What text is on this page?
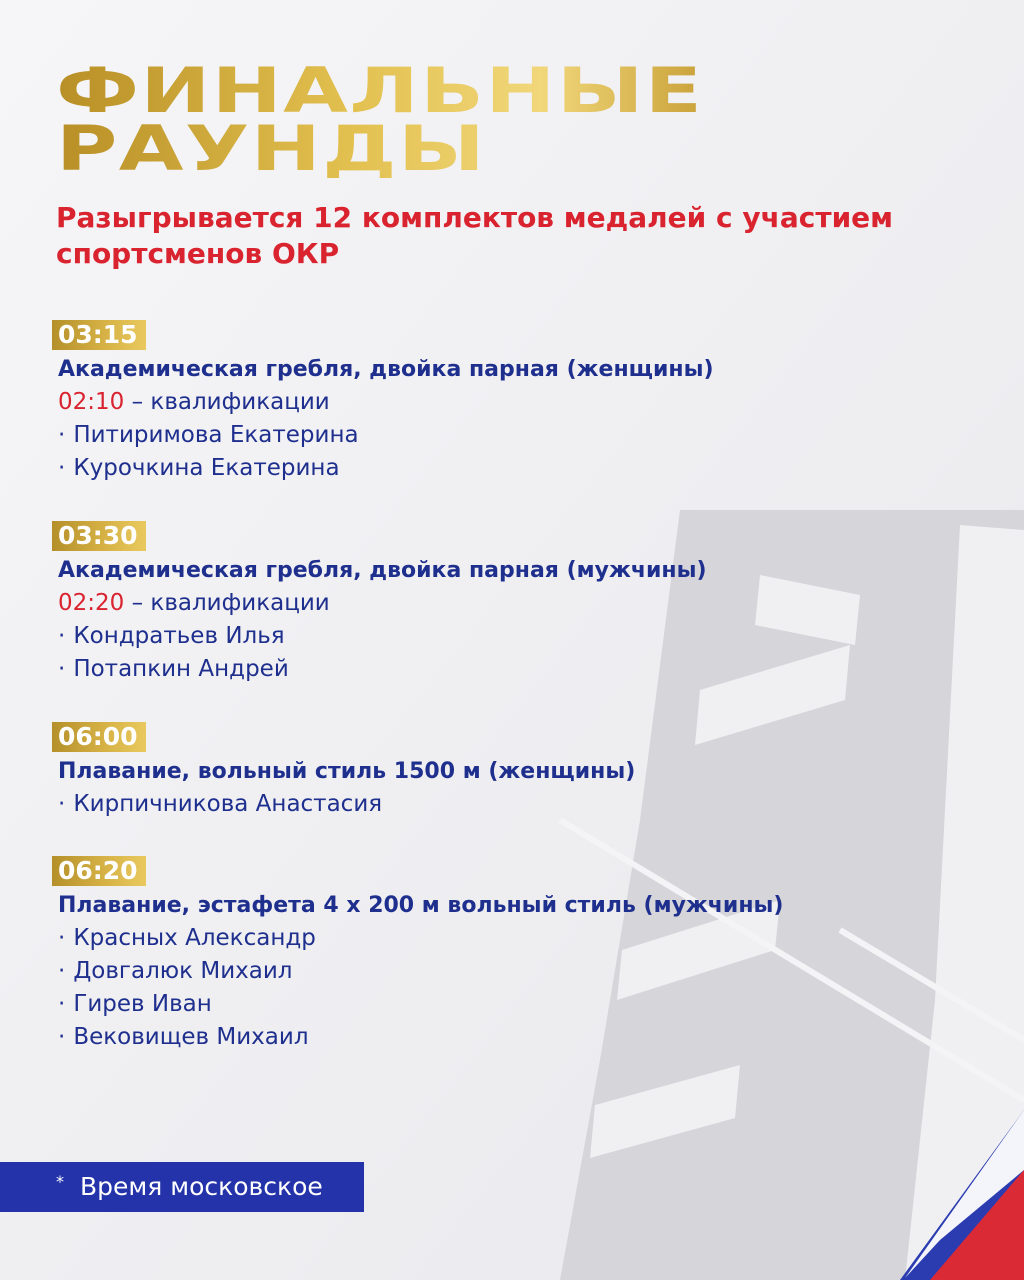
ФИНАЛЬНЫЕ
РАУНДЫ

Разыгрывается 12 комплектов медалей с участием спортсменов ОКР

03:15
Академическая гребля, двойка парная (женщины)
02:10 – квалификации
· Питиримова Екатерина
· Курочкина Екатерина
03:30
Академическая гребля, двойка парная (мужчины)
02:20 – квалификации
· Кондратьев Илья
· Потапкин Андрей
06:00
Плавание, вольный стиль 1500 м (женщины)
· Кирпичникова Анастасия
06:20
Плавание, эстафета 4 х 200 м вольный стиль (мужчины)
· Красных Александр
· Довгалюк Михаил
· Гирев Иван
· Вековищев Михаил
* Время московское
